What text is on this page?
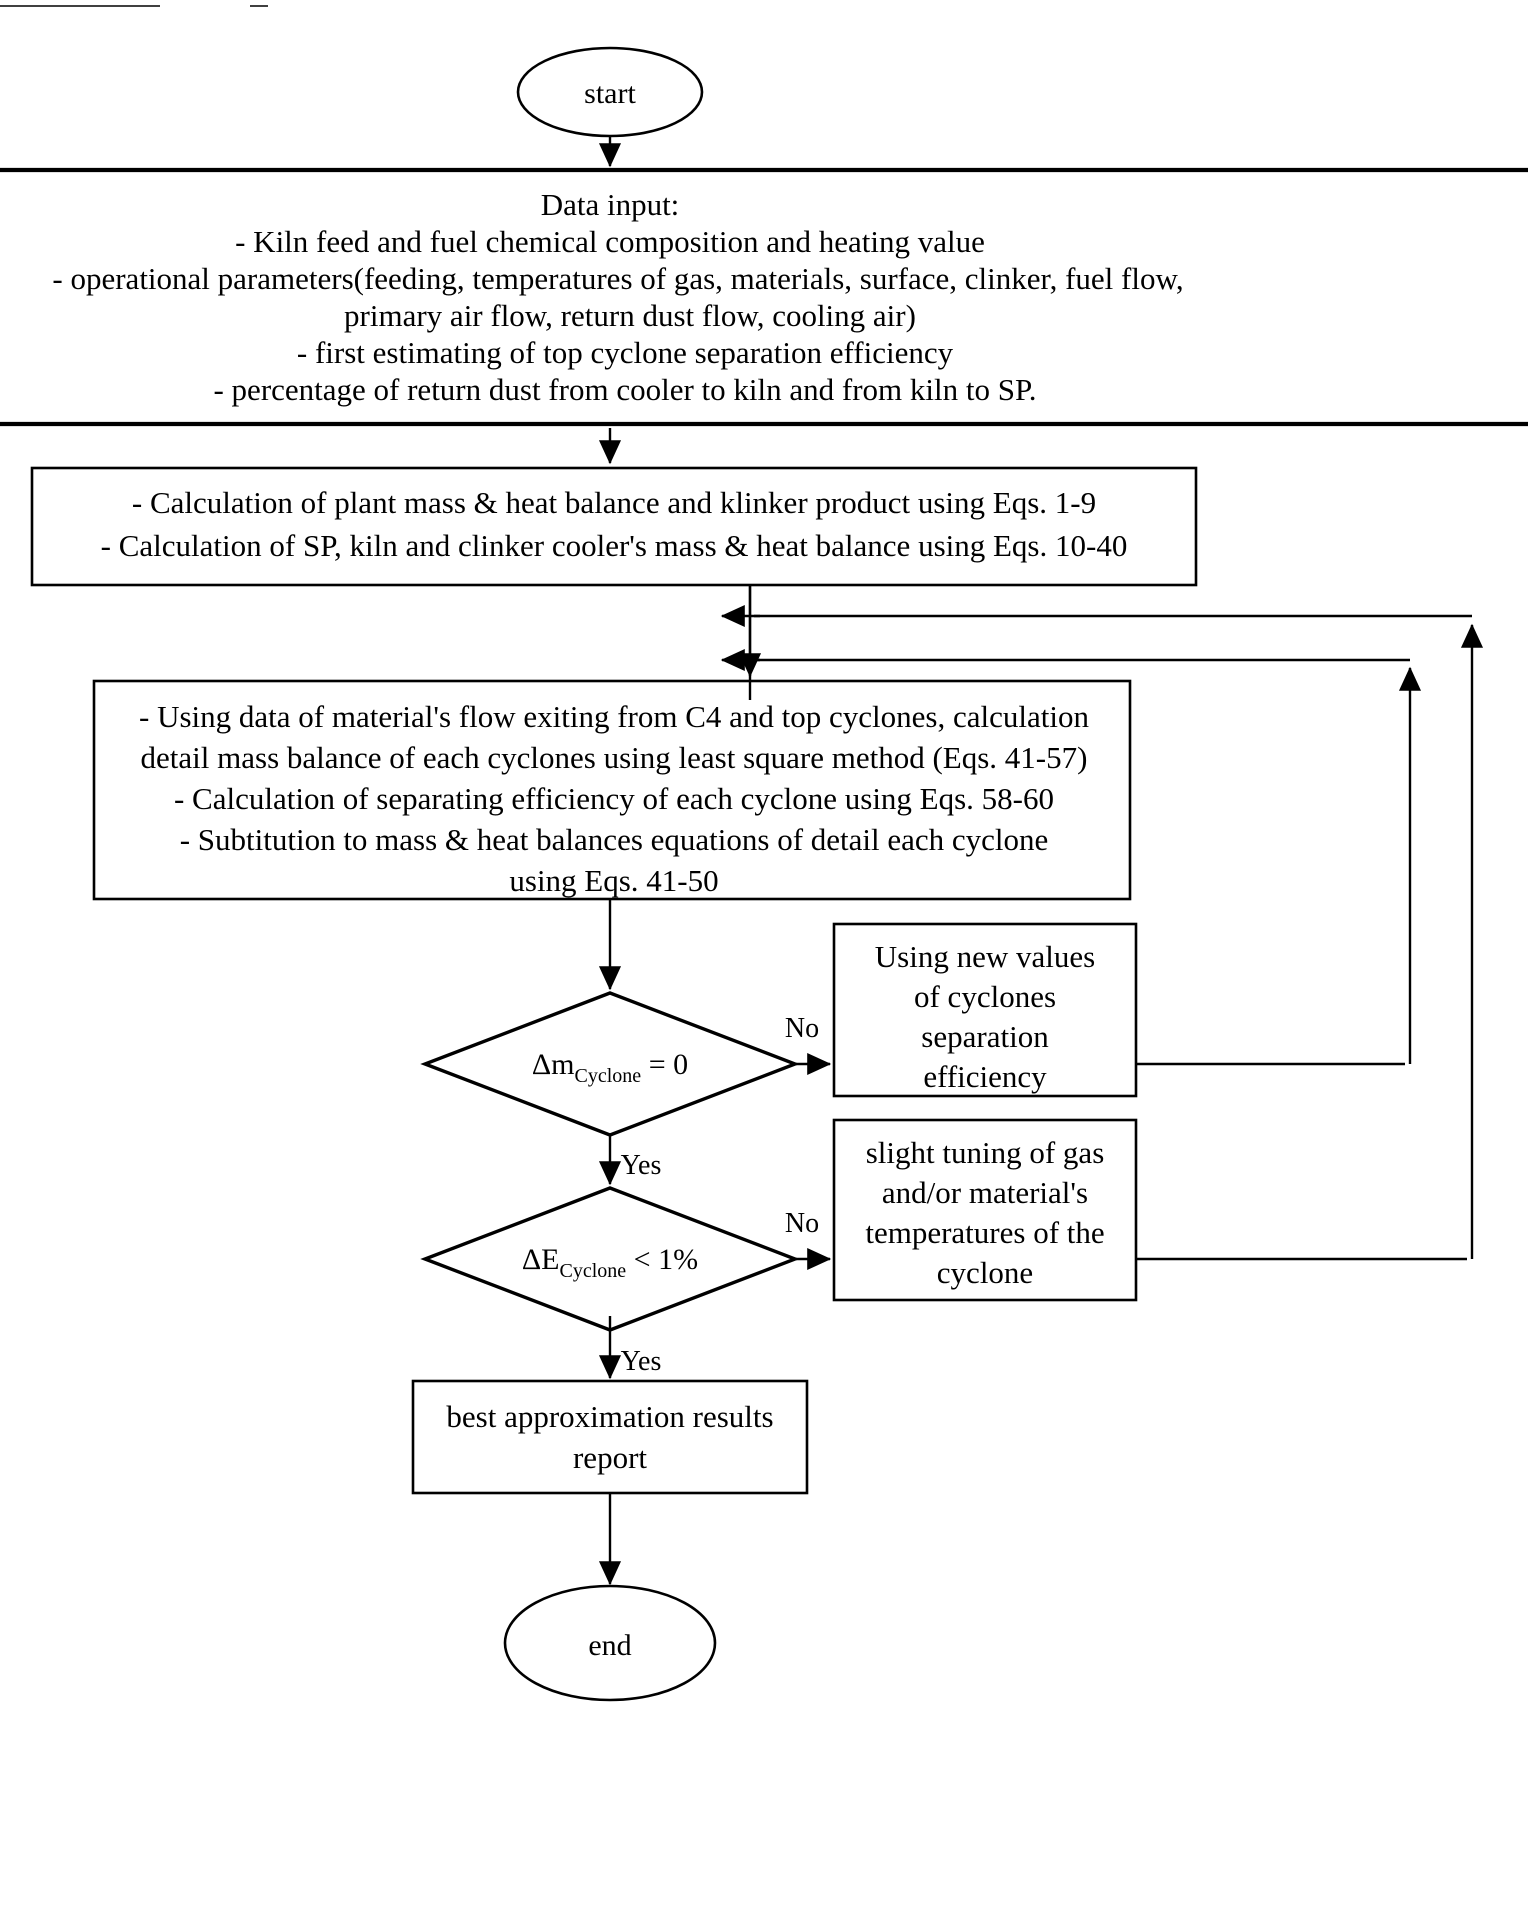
start
Data input:
- Kiln feed and fuel chemical composition and heating value
- operational parameters(feeding, temperatures of gas, materials, surface, clinker, fuel flow,
primary air flow, return dust flow, cooling air)
- first estimating of top cyclone separation efficiency
- percentage of return dust from cooler to kiln and from kiln to SP.
- Calculation of plant mass & heat balance and klinker product using Eqs. 1-9
- Calculation of SP, kiln and clinker cooler's mass & heat balance using Eqs. 10-40
- Using data of material's flow exiting from C4 and top cyclones, calculation
detail mass balance of each cyclones using least square method (Eqs. 41-57)
- Calculation of separating efficiency of each cyclone using Eqs. 58-60
- Subtitution to mass & heat balances equations of detail each cyclone
using Eqs. 41-50
$\Delta m_{Cyclone} = 0$
No
Yes
Using new values
of cyclones
separation
efficiency
$\Delta E_{Cyclone} < 1\%$
No
Yes
slight tuning of gas
and/or material's
temperatures of the
cyclone
best approximation results
report
end
